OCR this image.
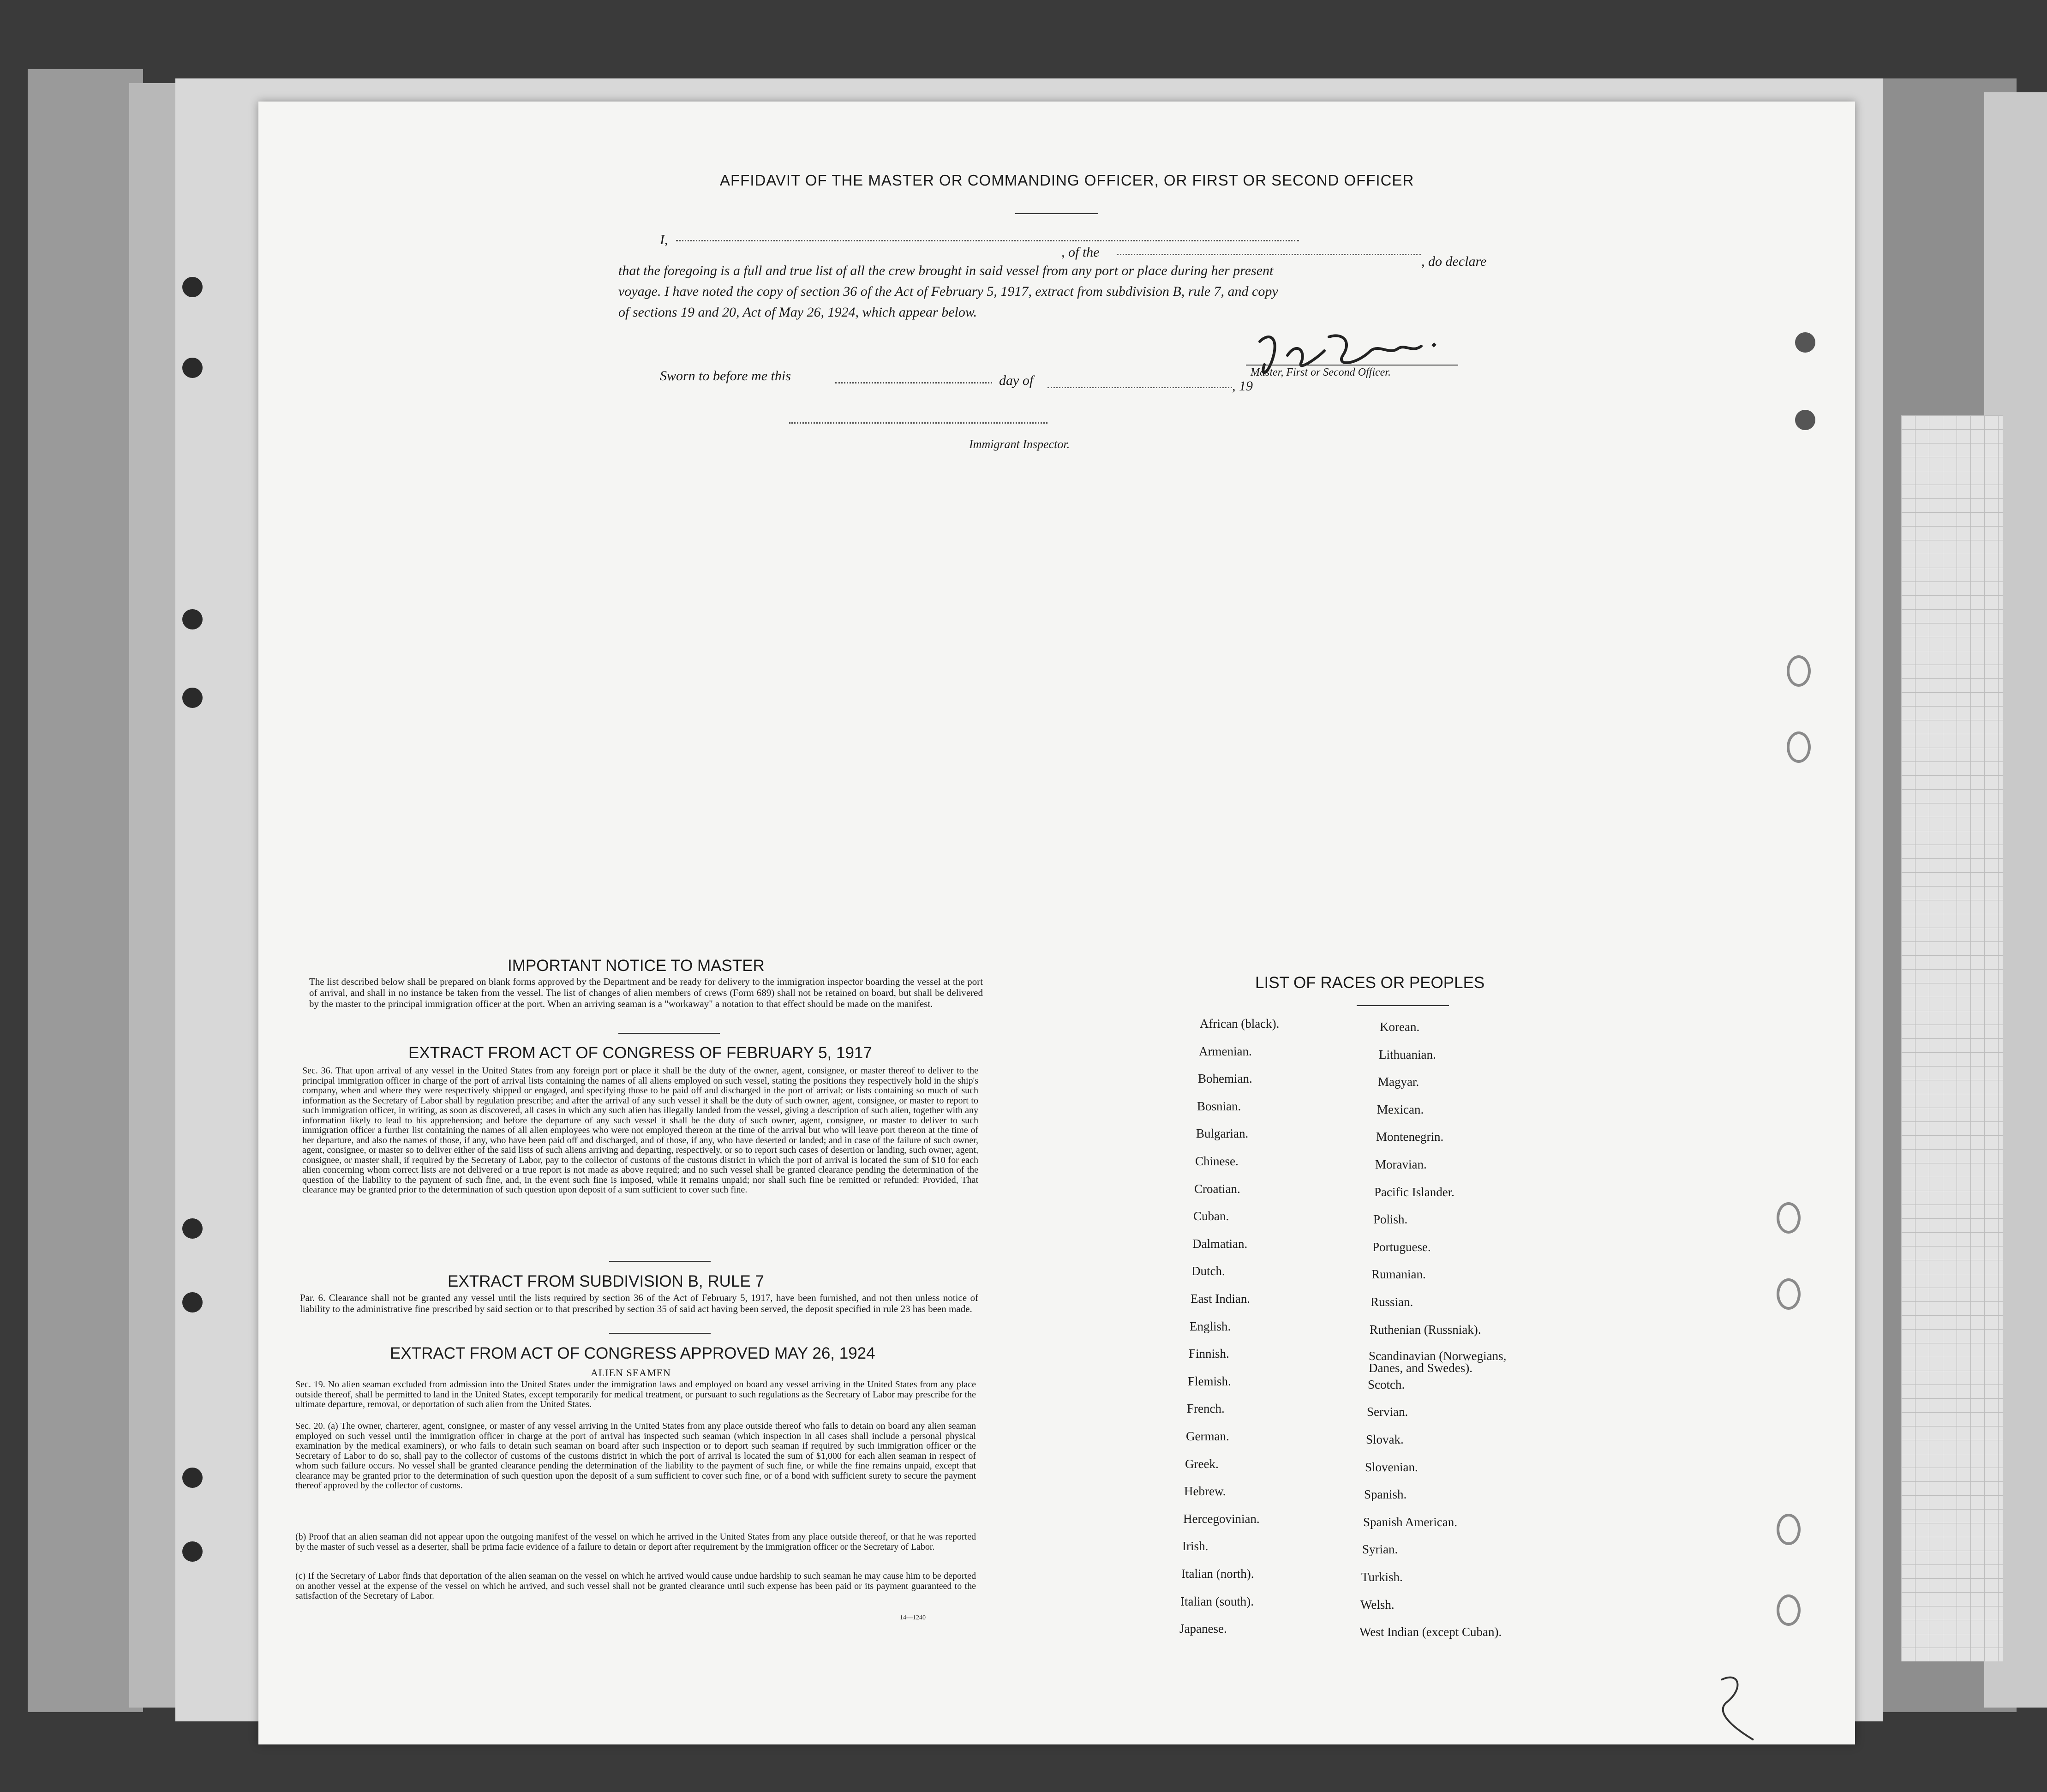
AFFIDAVIT OF THE MASTER OR COMMANDING OFFICER, OR FIRST OR SECOND OFFICER
I,
, of the
, do declare
that the foregoing is a full and true list of all the crew brought in said vessel from any port or place during her present
voyage. I have noted the copy of section 36 of the Act of February 5, 1917, extract from subdivision B, rule 7, and copy
of sections 19 and 20, Act of May 26, 1924, which appear below.
Sworn to before me this	day of	, 19
Master, First or Second Officer.
Immigrant Inspector.
IMPORTANT NOTICE TO MASTER
The list described below shall be prepared on blank forms approved by the Department and be ready for delivery to the immigration inspector boarding the vessel at the port of arrival, and shall in no instance be taken from the vessel. The list of changes of alien members of crews (Form 689) shall not be retained on board, but shall be delivered by the master to the principal immigration officer at the port. When an arriving seaman is a "workaway" a notation to that effect should be made on the manifest.
EXTRACT FROM ACT OF CONGRESS OF FEBRUARY 5, 1917
Sec. 36. That upon arrival of any vessel in the United States from any foreign port or place it shall be the duty of the owner, agent, consignee, or master thereof to deliver to the principal immigration officer in charge of the port of arrival lists containing the names of all aliens employed on such vessel, stating the positions they respectively hold in the ship's company, when and where they were respectively shipped or engaged, and specifying those to be paid off and discharged in the port of arrival; or lists containing so much of such information as the Secretary of Labor shall by regulation prescribe; and after the arrival of any such vessel it shall be the duty of such owner, agent, consignee, or master to report to such immigration officer, in writing, as soon as discovered, all cases in which any such alien has illegally landed from the vessel, giving a description of such alien, together with any information likely to lead to his apprehension; and before the departure of any such vessel it shall be the duty of such owner, agent, consignee, or master to deliver to such immigration officer a further list containing the names of all alien employees who were not employed thereon at the time of the arrival but who will leave port thereon at the time of her departure, and also the names of those, if any, who have been paid off and discharged, and of those, if any, who have deserted or landed; and in case of the failure of such owner, agent, consignee, or master so to deliver either of the said lists of such aliens arriving and departing, respectively, or so to report such cases of desertion or landing, such owner, agent, consignee, or master shall, if required by the Secretary of Labor, pay to the collector of customs of the customs district in which the port of arrival is located the sum of $10 for each alien concerning whom correct lists are not delivered or a true report is not made as above required; and no such vessel shall be granted clearance pending the determination of the question of the liability to the payment of such fine, and, in the event such fine is imposed, while it remains unpaid; nor shall such fine be remitted or refunded: Provided, That clearance may be granted prior to the determination of such question upon deposit of a sum sufficient to cover such fine.
EXTRACT FROM SUBDIVISION B, RULE 7
Par. 6. Clearance shall not be granted any vessel until the lists required by section 36 of the Act of February 5, 1917, have been furnished, and not then unless notice of liability to the administrative fine prescribed by said section or to that prescribed by section 35 of said act having been served, the deposit specified in rule 23 has been made.
EXTRACT FROM ACT OF CONGRESS APPROVED MAY 26, 1924
ALIEN SEAMEN
Sec. 19. No alien seaman excluded from admission into the United States under the immigration laws and employed on board any vessel arriving in the United States from any place outside thereof, shall be permitted to land in the United States, except temporarily for medical treatment, or pursuant to such regulations as the Secretary of Labor may prescribe for the ultimate departure, removal, or deportation of such alien from the United States.
Sec. 20. (a) The owner, charterer, agent, consignee, or master of any vessel arriving in the United States from any place outside thereof who fails to detain on board any alien seaman employed on such vessel until the immigration officer in charge at the port of arrival has inspected such seaman (which inspection in all cases shall include a personal physical examination by the medical examiners), or who fails to detain such seaman on board after such inspection or to deport such seaman if required by such immigration officer or the Secretary of Labor to do so, shall pay to the collector of customs of the customs district in which the port of arrival is located the sum of $1,000 for each alien seaman in respect of whom such failure occurs. No vessel shall be granted clearance pending the determination of the liability to the payment of such fine, or while the fine remains unpaid, except that clearance may be granted prior to the determination of such question upon the deposit of a sum sufficient to cover such fine, or of a bond with sufficient surety to secure the payment thereof approved by the collector of customs.
(b) Proof that an alien seaman did not appear upon the outgoing manifest of the vessel on which he arrived in the United States from any place outside thereof, or that he was reported by the master of such vessel as a deserter, shall be prima facie evidence of a failure to detain or deport after requirement by the immigration officer or the Secretary of Labor.
(c) If the Secretary of Labor finds that deportation of the alien seaman on the vessel on which he arrived would cause undue hardship to such seaman he may cause him to be deported on another vessel at the expense of the vessel on which he arrived, and such vessel shall not be granted clearance until such expense has been paid or its payment guaranteed to the satisfaction of the Secretary of Labor.
14—1240
LIST OF RACES OR PEOPLES
African (black).
Armenian.
Bohemian.
Bosnian.
Bulgarian.
Chinese.
Croatian.
Cuban.
Dalmatian.
Dutch.
East Indian.
English.
Finnish.
Flemish.
French.
German.
Greek.
Hebrew.
Hercegovinian.
Irish.
Italian (north).
Italian (south).
Japanese.
Korean.
Lithuanian.
Magyar.
Mexican.
Montenegrin.
Moravian.
Pacific Islander.
Polish.
Portuguese.
Rumanian.
Russian.
Ruthenian (Russniak).
Scandinavian (Norwegians, Danes, and Swedes).
Scotch.
Servian.
Slovak.
Slovenian.
Spanish.
Spanish American.
Syrian.
Turkish.
Welsh.
West Indian (except Cuban).
